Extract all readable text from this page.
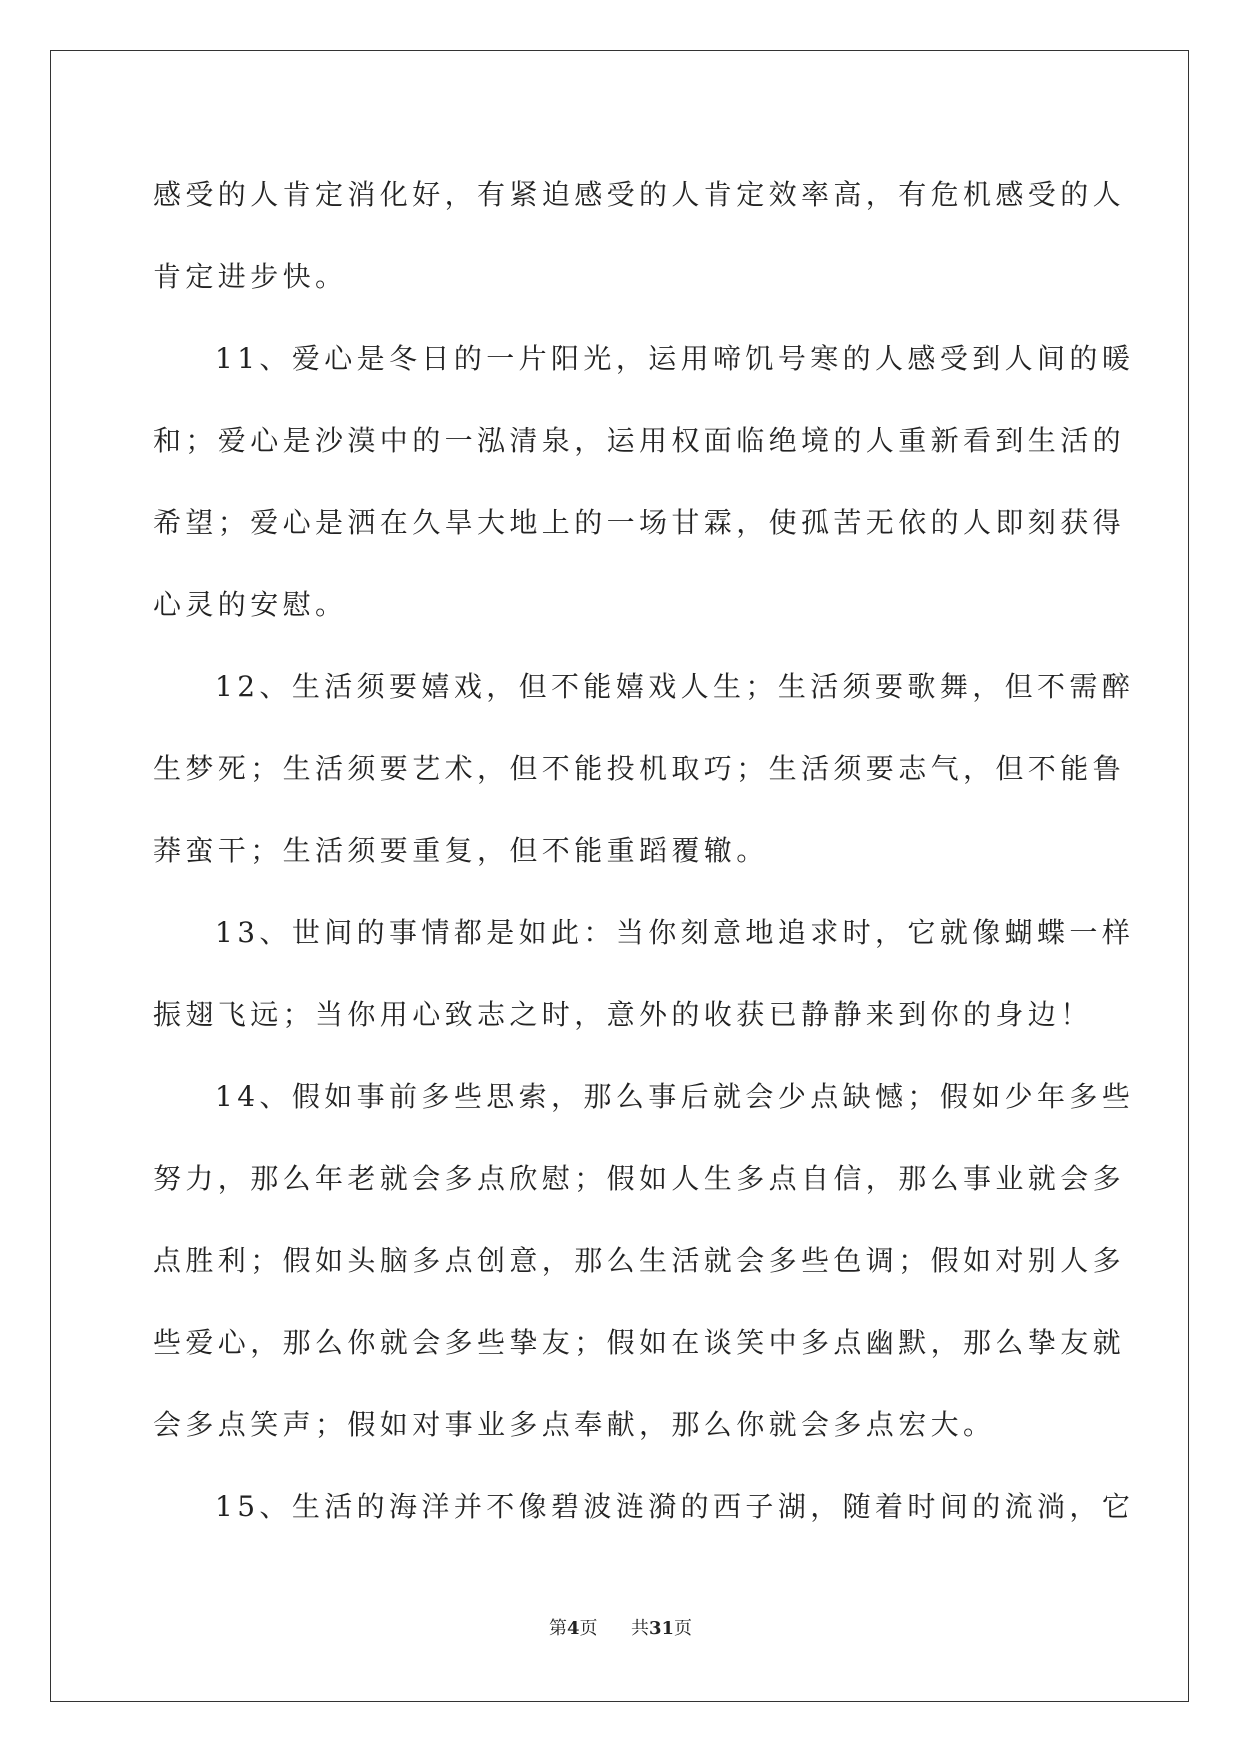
感受的人肯定消化好，有紧迫感受的人肯定效率高，有危机感受的人
肯定进步快。
11、爱心是冬日的一片阳光，运用啼饥号寒的人感受到人间的暖
和；爱心是沙漠中的一泓清泉，运用权面临绝境的人重新看到生活的
希望；爱心是洒在久旱大地上的一场甘霖，使孤苦无依的人即刻获得
心灵的安慰。
12、生活须要嬉戏，但不能嬉戏人生；生活须要歌舞，但不需醉
生梦死；生活须要艺术，但不能投机取巧；生活须要志气，但不能鲁
莽蛮干；生活须要重复，但不能重蹈覆辙。
13、世间的事情都是如此：当你刻意地追求时，它就像蝴蝶一样
振翅飞远；当你用心致志之时，意外的收获已静静来到你的身边！
14、假如事前多些思索，那么事后就会少点缺憾；假如少年多些
努力，那么年老就会多点欣慰；假如人生多点自信，那么事业就会多
点胜利；假如头脑多点创意，那么生活就会多些色调；假如对别人多
些爱心，那么你就会多些挚友；假如在谈笑中多点幽默，那么挚友就
会多点笑声；假如对事业多点奉献，那么你就会多点宏大。
15、生活的海洋并不像碧波涟漪的西子湖，随着时间的流淌，它
第4页 共31页
